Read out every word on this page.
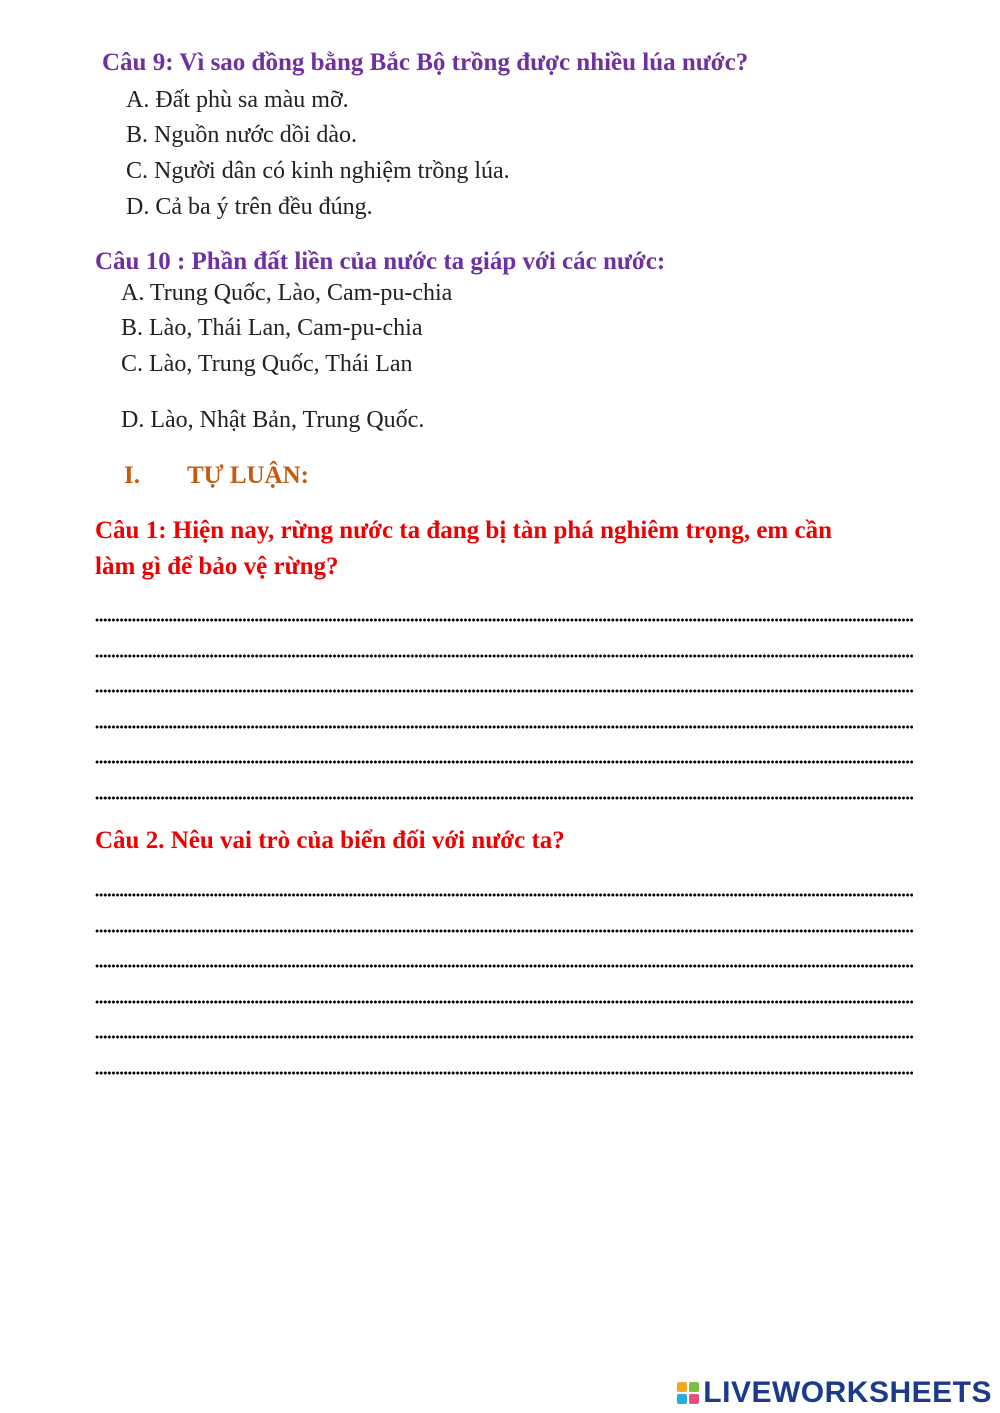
Câu 9: Vì sao đồng bằng Bắc Bộ trồng được nhiều lúa nước?
A. Đất phù sa màu mỡ.
B. Nguồn nước dồi dào.
C. Người dân có kinh nghiệm trồng lúa.
D. Cả ba ý trên đều đúng.
Câu 10 : Phần đất liền của nước ta giáp với các nước:
A. Trung Quốc, Lào, Cam-pu-chia
B. Lào, Thái Lan, Cam-pu-chia
C. Lào, Trung Quốc, Thái Lan
D. Lào, Nhật Bản, Trung Quốc.
I. TỰ LUẬN:
Câu 1: Hiện nay, rừng nước ta đang bị tàn phá nghiêm trọng, em cần
làm gì để bảo vệ rừng?
Câu 2. Nêu vai trò của biển đối với nước ta?
LIVEWORKSHEETS
